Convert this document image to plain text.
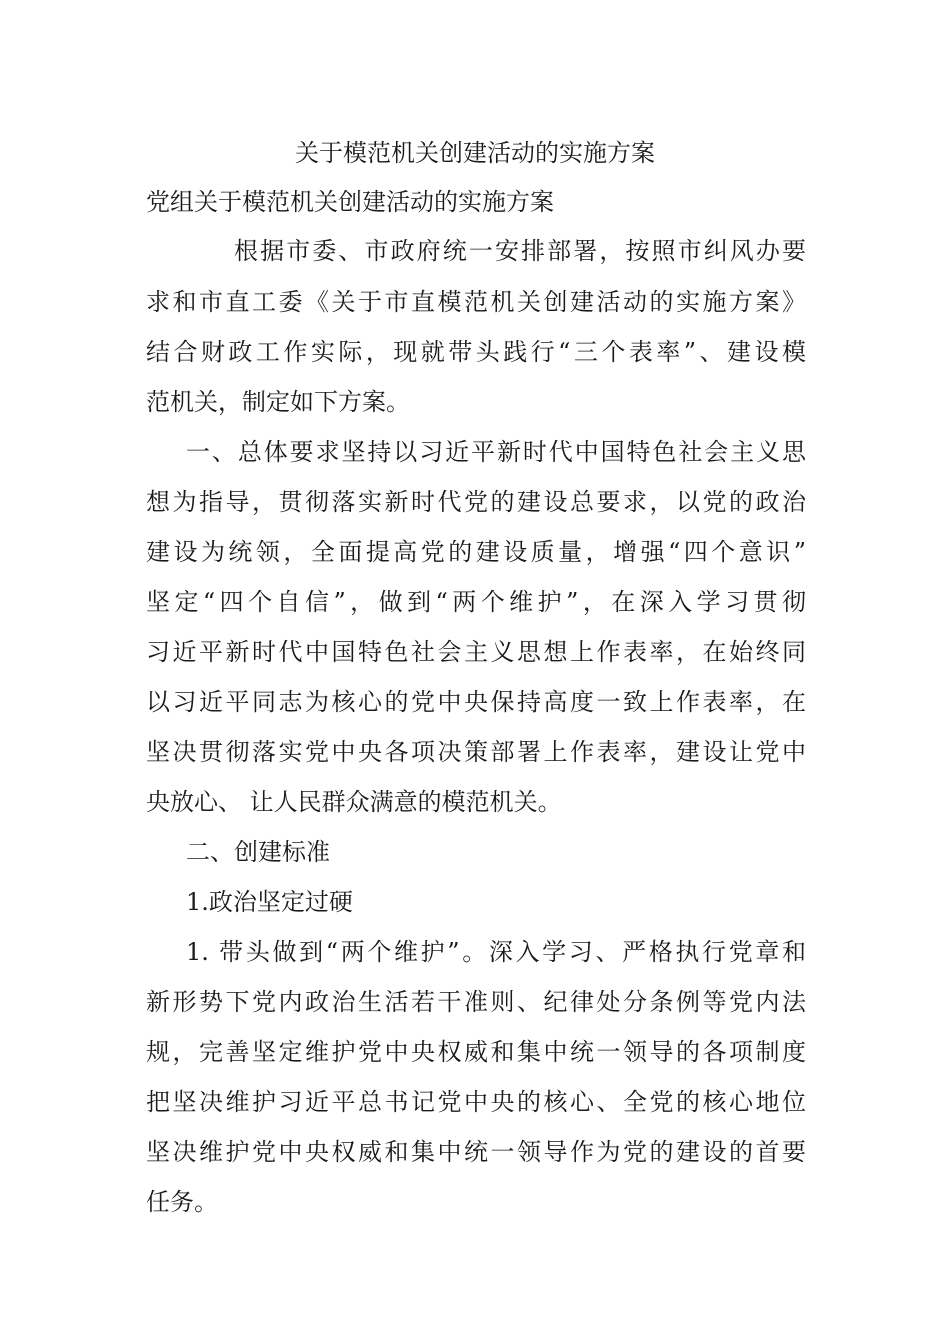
关于模范机关创建活动的实施方案
党组关于模范机关创建活动的实施方案
根据市委、市政府统一安排部署，按照市纠风办要
求和市直工委《关于市直模范机关创建活动的实施方案》
结合财政工作实际，现就带头践行“三个表率”、建设模
范机关，制定如下方案。
一、总体要求坚持以习近平新时代中国特色社会主义思
想为指导，贯彻落实新时代党的建设总要求，以党的政治
建设为统领，全面提高党的建设质量，增强“四个意识”
坚定“四个自信”，做到“两个维护”，在深入学习贯彻
习近平新时代中国特色社会主义思想上作表率，在始终同
以习近平同志为核心的党中央保持高度一致上作表率，在
坚决贯彻落实党中央各项决策部署上作表率，建设让党中
央放心、 让人民群众满意的模范机关。
二、创建标准
1.政治坚定过硬
1. 带头做到“两个维护”。深入学习、严格执行党章和
新形势下党内政治生活若干准则、纪律处分条例等党内法
规，完善坚定维护党中央权威和集中统一领导的各项制度
把坚决维护习近平总书记党中央的核心、全党的核心地位
坚决维护党中央权威和集中统一领导作为党的建设的首要
任务。
